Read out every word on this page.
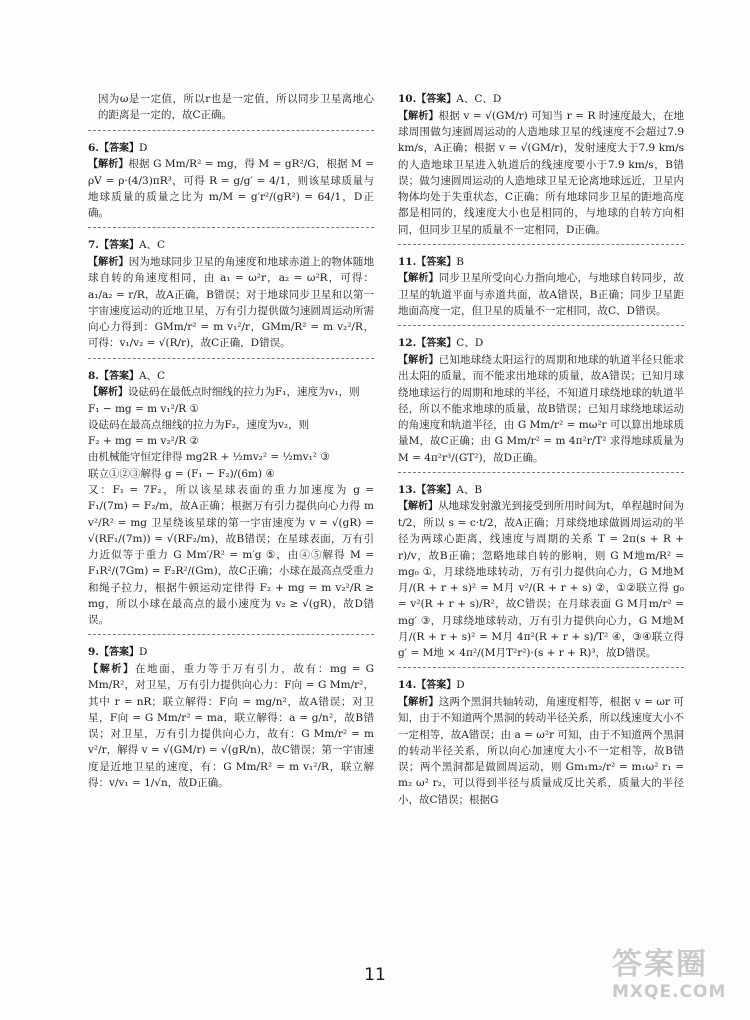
因为ω是一定值，所以r也是一定值，所以同步卫星离地心的距离是一定的，故C正确。

6.【答案】D

【解析】根据 G Mm/R² = mg，得 M = gR²/G，根据 M = ρV = ρ·(4/3)πR³，可得 R = g/g′ = 4/1，则该星球质量与地球质量的质量之比为 m/M = g′r²/(gR²) = 64/1，D正确。

7.【答案】A、C

【解析】因为地球同步卫星的角速度和地球赤道上的物体随地球自转的角速度相同，由 a₁ = ω²r，a₂ = ω²R，可得：a₁/a₂ = r/R，故A正确，B错误；对于地球同步卫星和以第一宇宙速度运动的近地卫星，万有引力提供做匀速圆周运动所需向心力得到：GMm/r² = m v₁²/r，GMm/R² = m v₂²/R，可得：v₁/v₂ = √(R/r)，故C正确，D错误。

8.【答案】A、C

【解析】设砝码在最低点时细线的拉力为F₁，速度为v₁，则

F₁ − mg = m v₁²/R ①

设砝码在最高点细线的拉力为F₂，速度为v₂，则

F₂ + mg = m v₂²/R ②

由机械能守恒定律得 mg2R + ½mv₂² = ½mv₁² ③

联立①②③解得 g = (F₁ − F₂)/(6m) ④

又：F₁ = 7F₂，所以该星球表面的重力加速度为 g = F₁/(7m) = F₂/m，故A正确；根据万有引力提供向心力得 m v²/R² = mg 卫星绕该星球的第一宇宙速度为 v = √(gR) = √(RF₁/(7m)) = √(RF₂/m)，故B错误；在星球表面，万有引力近似等于重力 G Mm′/R² = m′g ⑤，由④⑤解得 M = F₁R²/(7Gm) = F₂R²/(Gm)，故C正确；小球在最高点受重力和绳子拉力，根据牛顿运动定律得 F₂ + mg = m v₂²/R ≥ mg，所以小球在最高点的最小速度为 v₂ ≥ √(gR)，故D错误。

9.【答案】D

【解析】在地面，重力等于万有引力，故有：mg = G Mm/R²，对卫星，万有引力提供向心力：F向 = G Mm/r²，其中 r = nR；联立解得：F向 = mg/n²，故A错误；对卫星，F向 = G Mm/r² = ma，联立解得：a = g/n²，故B错误；对卫星，万有引力提供向心力，故有：G Mm/r² = m v²/r，解得 v = √(GM/r) = √(gR/n)，故C错误；第一宇宙速度是近地卫星的速度，有：G Mm/R² = m v₁²/R，联立解得：v/v₁ = 1/√n，故D正确。

10.【答案】A、C、D

【解析】根据 v = √(GM/r) 可知当 r = R 时速度最大，在地球周围做匀速圆周运动的人造地球卫星的线速度不会超过7.9 km/s，A正确；根据 v = √(GM/r)，发射速度大于7.9 km/s的人造地球卫星进入轨道后的线速度要小于7.9 km/s，B错误；做匀速圆周运动的人造地球卫星无论离地球远近，卫星内物体均处于失重状态，C正确；所有地球同步卫星的距地高度都是相同的，线速度大小也是相同的，与地球的自转方向相同，但同步卫星的质量不一定相同，D正确。

11.【答案】B

【解析】同步卫星所受向心力指向地心，与地球自转同步，故卫星的轨道平面与赤道共面，故A错误，B正确；同步卫星距地面高度一定，但卫星的质量不一定相同，故C、D错误。

12.【答案】C、D

【解析】已知地球绕太阳运行的周期和地球的轨道半径只能求出太阳的质量，而不能求出地球的质量，故A错误；已知月球绕地球运行的周期和地球的半径，不知道月球绕地球的轨道半径，所以不能求地球的质量，故B错误；已知月球绕地球运动的角速度和轨道半径，由 G Mm/r² = mω²r 可以算出地球质量M，故C正确；由 G Mm/r² = m 4π²r/T² 求得地球质量为 M = 4π²r³/(GT²)，故D正确。

13.【答案】A、B

【解析】从地球发射激光到接受到所用时间为t，单程越时间为t/2，所以 s = c·t/2，故A正确；月球绕地球做圆周运动的半径为两球心距离，线速度与周期的关系 T = 2π(s + R + r)/v，故B正确；忽略地球自转的影响，则 G M地m/R² = mg₀ ①，月球绕地球转动，万有引力提供向心力，G M地M月/(R + r + s)² = M月 v²/(R + r + s) ②，①②联立得 g₀ = v²(R + r + s)/R²，故C错误；在月球表面 G M月m/r² = mg′ ③，月球绕地球转动，万有引力提供向心力，G M地M月/(R + r + s)² = M月 4π²(R + r + s)/T² ④，③④联立得 g′ = M地 × 4π²/(M月T²r²)·(s + r + R)³，故D错误。

14.【答案】D

【解析】这两个黑洞共轴转动，角速度相等，根据 v = ωr 可知，由于不知道两个黑洞的转动半径关系，所以线速度大小不一定相等，故A错误；由 a = ω²r 可知，由于不知道两个黑洞的转动半径关系，所以向心加速度大小不一定相等，故B错误；两个黑洞都是做圆周运动，则 Gm₁m₂/r² = m₁ω² r₁ = m₂ ω² r₂，可以得到半径与质量成反比关系，质量大的半径小，故C错误；根据G

11	答案圈
MXQE.COM
